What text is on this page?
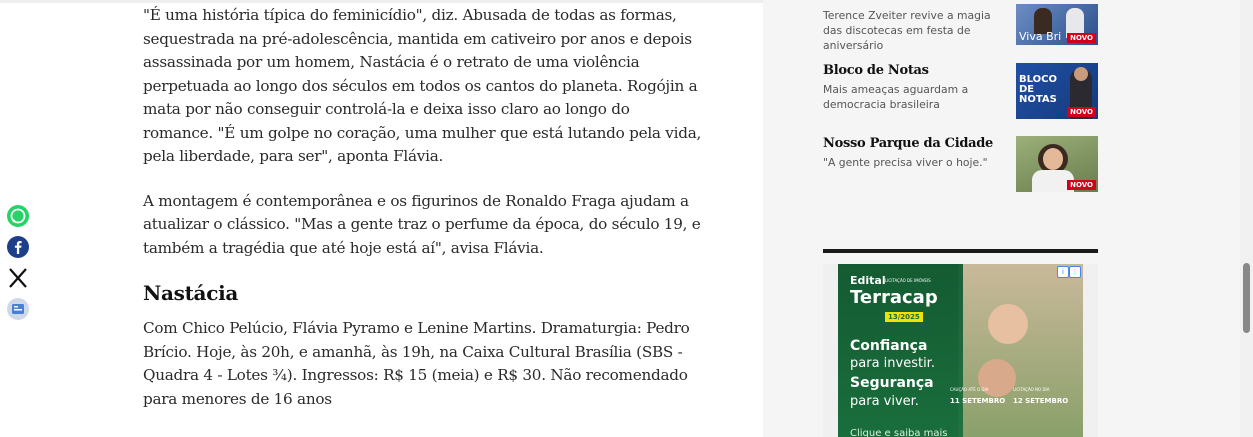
"É uma história típica do feminicídio", diz. Abusada de todas as formas, sequestrada na pré-adolescência, mantida em cativeiro por anos e depois assassinada por um homem, Nastácia é o retrato de uma violência perpetuada ao longo dos séculos em todos os cantos do planeta. Rogójin a mata por não conseguir controlá-la e deixa isso claro ao longo do romance. "É um golpe no coração, uma mulher que está lutando pela vida, pela liberdade, para ser", aponta Flávia.

A montagem é contemporânea e os figurinos de Ronaldo Fraga ajudam a atualizar o clássico. "Mas a gente traz o perfume da época, do século 19, e também a tragédia que até hoje está aí", avisa Flávia.

Nastácia

Com Chico Pelúcio, Flávia Pyramo e Lenine Martins. Dramaturgia: Pedro Brício. Hoje, às 20h, e amanhã, às 19h, na Caixa Cultural Brasília (SBS - Quadra 4 - Lotes ¾). Ingressos: R$ 15 (meia) e R$ 30. Não recomendado para menores de 16 anos

Terence Zveiter revive a magia das discotecas em festa de aniversário
Viva Bri	NOVO
Bloco de Notas
Mais ameaças aguardam a democracia brasileira
BLOCO DE NOTAS
NOVO
Nosso Parque da Cidade
"A gente precisa viver o hoje."
NOVO
Edital LICITAÇÃO DE IMÓVEIS
Terracap
13/2025
Confiança
para investir.
Segurança
para viver.
CAUÇÃO ATÉ O DIA
11 SETEMBRO
LICITAÇÃO NO DIA
12 SETEMBRO
Clique e saiba mais
i	⋮
